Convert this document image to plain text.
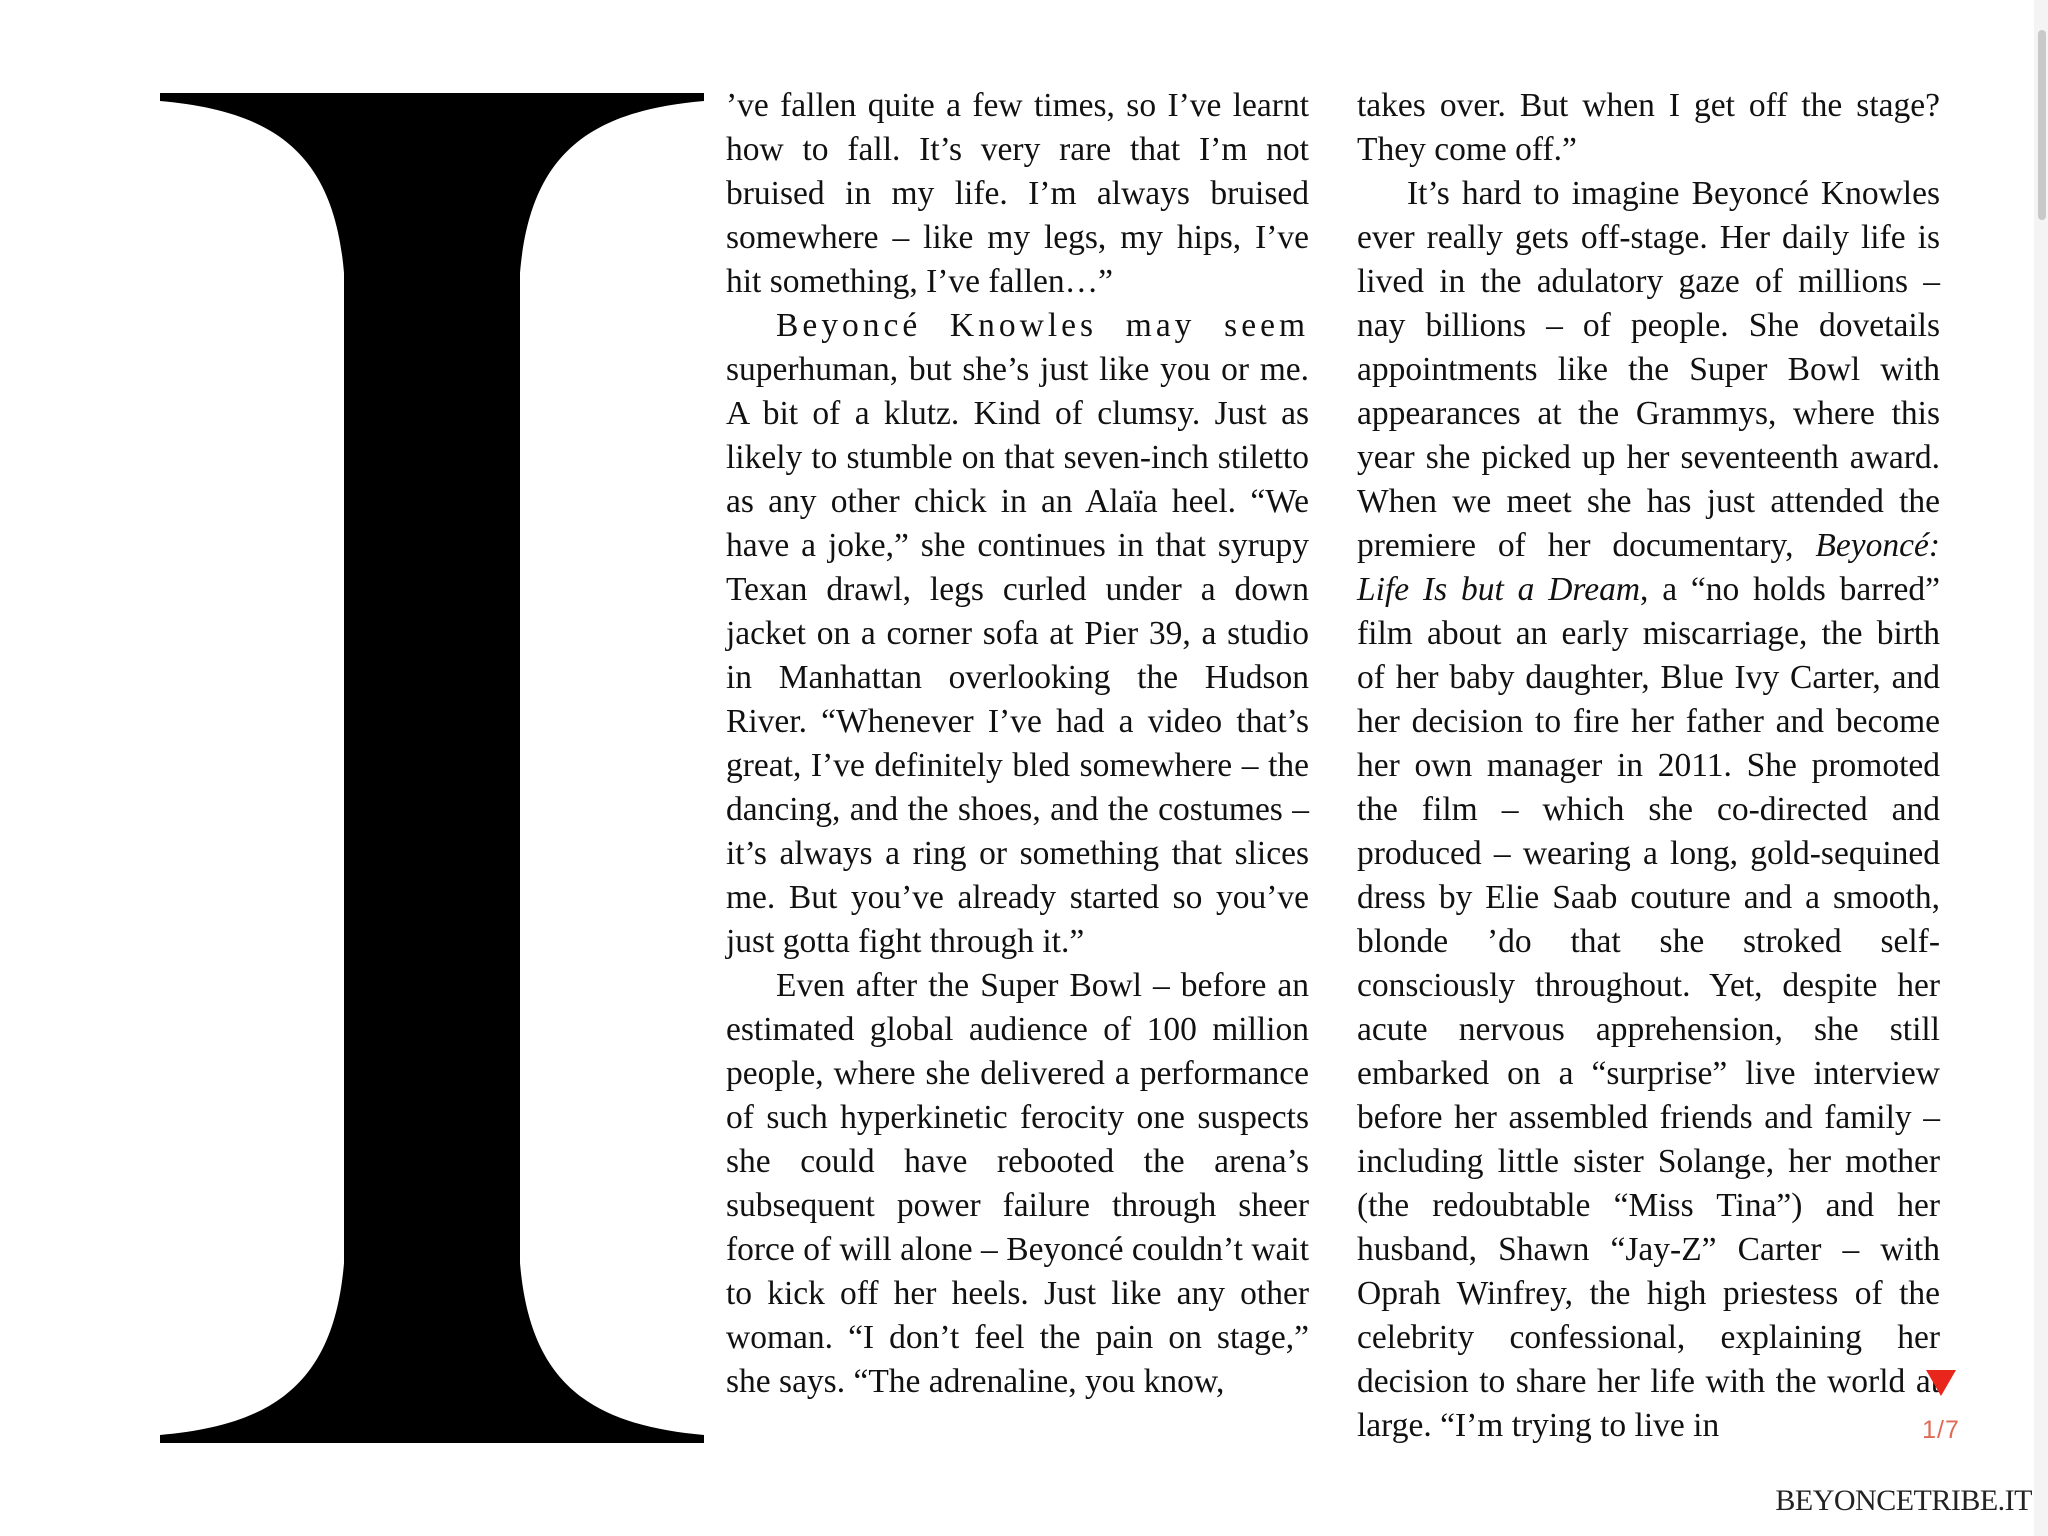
’ve fallen quite a few times, so I’ve learnt how to fall. It’s very rare that I’m not bruised in my life. I’m always bruised somewhere – like my legs, my hips, I’ve hit something, I’ve fallen…”

Beyoncé Knowles may seem superhuman, but she’s just like you or me. A bit of a klutz. Kind of clumsy. Just as likely to stumble on that seven-inch stiletto as any other chick in an Alaïa heel. “We have a joke,” she continues in that syrupy Texan drawl, legs curled under a down jacket on a corner sofa at Pier 39, a studio in Manhattan overlooking the Hudson River. “Whenever I’ve had a video that’s great, I’ve definitely bled somewhere – the dancing, and the shoes, and the costumes – it’s always a ring or something that slices me. But you’ve already started so you’ve just gotta fight through it.”

Even after the Super Bowl – before an estimated global audience of 100 million people, where she delivered a performance of such hyperkinetic ferocity one suspects she could have rebooted the arena’s subsequent power failure through sheer force of will alone – Beyoncé couldn’t wait to kick off her heels. Just like any other woman. “I don’t feel the pain on stage,” she says. “The adrenaline, you know,

takes over. But when I get off the stage? They come off.”

It’s hard to imagine Beyoncé Knowles ever really gets off-stage. Her daily life is lived in the adulatory gaze of millions – nay billions – of people. She dovetails appointments like the Super Bowl with appearances at the Grammys, where this year she picked up her seventeenth award. When we meet she has just attended the premiere of her documentary, Beyoncé: Life Is but a Dream, a “no holds barred” film about an early miscarriage, the birth of her baby daughter, Blue Ivy Carter, and her decision to fire her father and become her own manager in 2011. She promoted the film – which she co-directed and produced – wearing a long, gold-sequined dress by Elie Saab couture and a smooth, blonde ’do that she stroked self-consciously throughout. Yet, despite her acute nervous apprehension, she still embarked on a “surprise” live interview before her assembled friends and family – including little sister Solange, her mother (the redoubtable “Miss Tina”) and her husband, Shawn “Jay-Z” Carter – with Oprah Winfrey, the high priestess of the celebrity confessional, explaining her decision to share her life with the world at large. “I’m trying to live in	1/7
BEYONCETRIBE.IT
